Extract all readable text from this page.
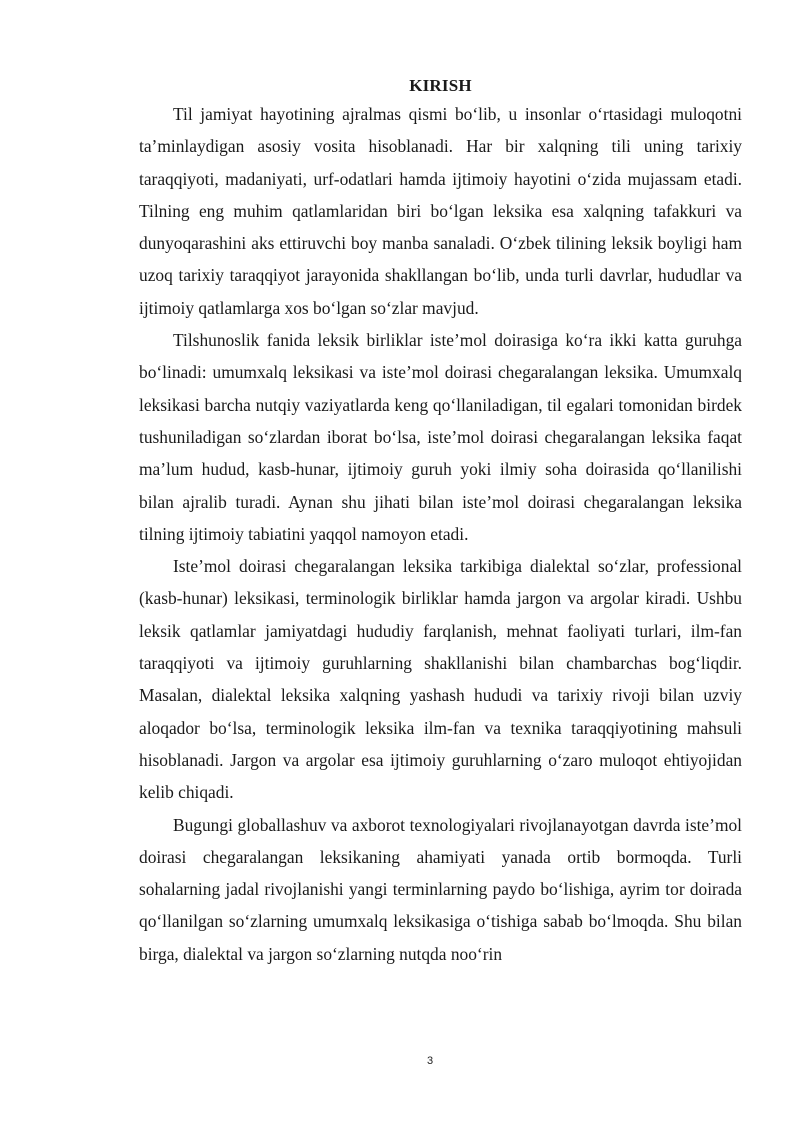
KIRISH

Til jamiyat hayotining ajralmas qismi bo‘lib, u insonlar o‘rtasidagi muloqotni ta’minlaydigan asosiy vosita hisoblanadi. Har bir xalqning tili uning tarixiy taraqqiyoti, madaniyati, urf-odatlari hamda ijtimoiy hayotini o‘zida mujassam etadi. Tilning eng muhim qatlamlaridan biri bo‘lgan leksika esa xalqning tafakkuri va dunyoqarashini aks ettiruvchi boy manba sanaladi. O‘zbek tilining leksik boyligi ham uzoq tarixiy taraqqiyot jarayonida shakllangan bo‘lib, unda turli davrlar, hududlar va ijtimoiy qatlamlarga xos bo‘lgan so‘zlar mavjud.

Tilshunoslik fanida leksik birliklar iste’mol doirasiga ko‘ra ikki katta guruhga bo‘linadi: umumxalq leksikasi va iste’mol doirasi chegaralangan leksika. Umumxalq leksikasi barcha nutqiy vaziyatlarda keng qo‘llaniladigan, til egalari tomonidan birdek tushuniladigan so‘zlardan iborat bo‘lsa, iste’mol doirasi chegaralangan leksika faqat ma’lum hudud, kasb-hunar, ijtimoiy guruh yoki ilmiy soha doirasida qo‘llanilishi bilan ajralib turadi. Aynan shu jihati bilan iste’mol doirasi chegaralangan leksika tilning ijtimoiy tabiatini yaqqol namoyon etadi.

Iste’mol doirasi chegaralangan leksika tarkibiga dialektal so‘zlar, professional (kasb-hunar) leksikasi, terminologik birliklar hamda jargon va argolar kiradi. Ushbu leksik qatlamlar jamiyatdagi hududiy farqlanish, mehnat faoliyati turlari, ilm-fan taraqqiyoti va ijtimoiy guruhlarning shakllanishi bilan chambarchas bog‘liqdir. Masalan, dialektal leksika xalqning yashash hududi va tarixiy rivoji bilan uzviy aloqador bo‘lsa, terminologik leksika ilm-fan va texnika taraqqiyotining mahsuli hisoblanadi. Jargon va argolar esa ijtimoiy guruhlarning o‘zaro muloqot ehtiyojidan kelib chiqadi.

Bugungi globallashuv va axborot texnologiyalari rivojlanayotgan davrda iste’mol doirasi chegaralangan leksikaning ahamiyati yanada ortib bormoqda. Turli sohalarning jadal rivojlanishi yangi terminlarning paydo bo‘lishiga, ayrim tor doirada qo‘llanilgan so‘zlarning umumxalq leksikasiga o‘tishiga sabab bo‘lmoqda. Shu bilan birga, dialektal va jargon so‘zlarning nutqda noo‘rin

3
